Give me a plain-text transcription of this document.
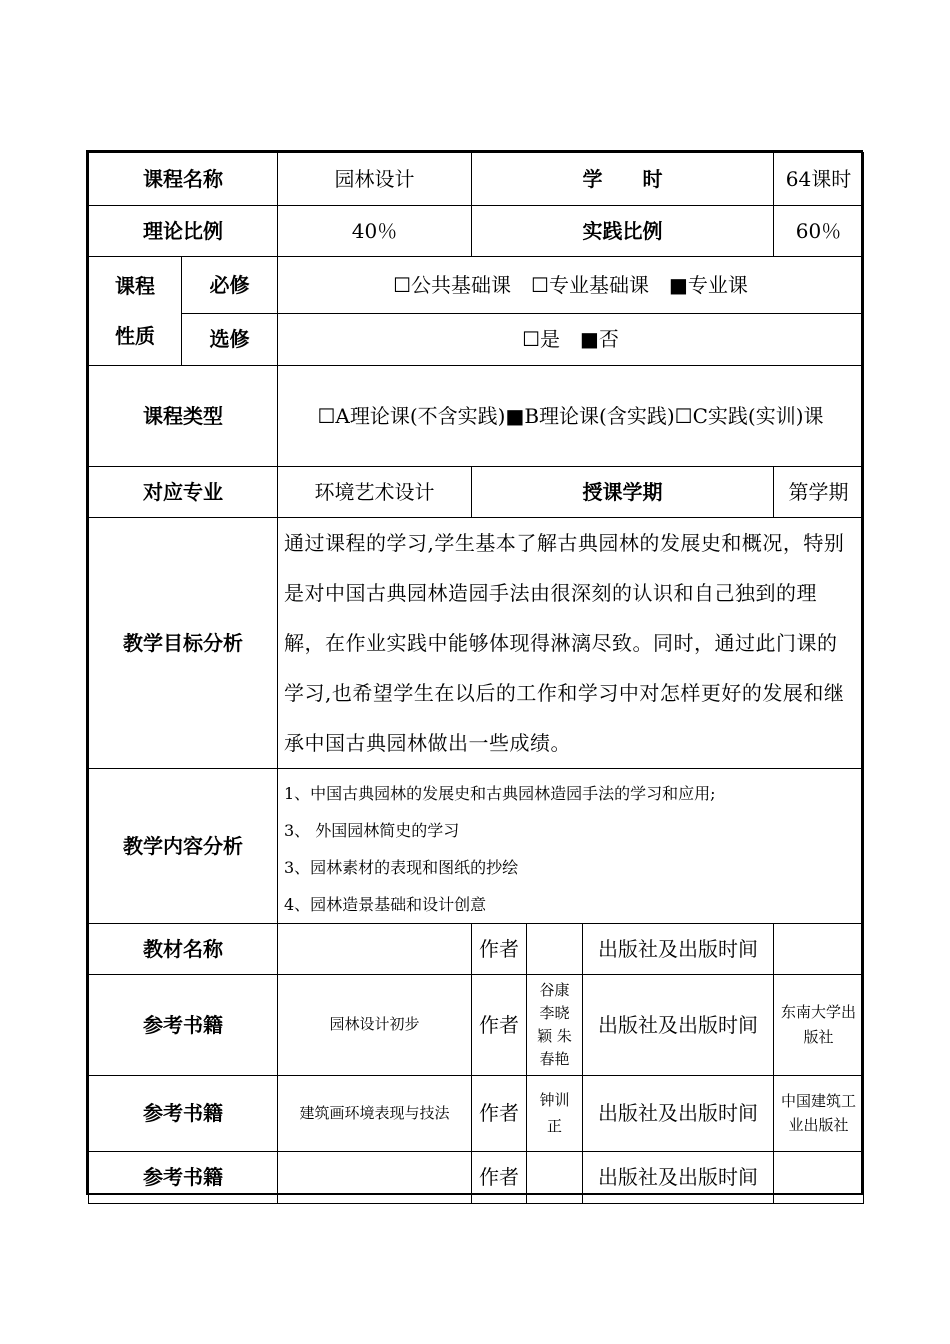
课程名称		园林设计	学　　时			64课时
理论比例		40％	实践比例			60％

课程
性质	必修	☐公共基础课　☐专业基础课　■专业课				
	选修	☐是　■否				
课程类型		☐A理论课(不含实践)■B理论课(含实践)☐C实践(实训)课				
对应专业		环境艺术设计	授课学期			第学期
教学目标分析		通过课程的学习,学生基本了解古典园林的发展史和概况，特别是对中国古典园林造园手法由很深刻的认识和自己独到的理解，在作业实践中能够体现得淋漓尽致。同时，通过此门课的学习,也希望学生在以后的工作和学习中对怎样更好的发展和继承中国古典园林做出一些成绩。				
教学内容分析		1、中国古典园林的发展史和古典园林造园手法的学习和应用;
3、 外国园林简史的学习
3、园林素材的表现和图纸的抄绘
4、园林造景基础和设计创意				

教材名称			作者		出版社及出版时间	
参考书籍		园林设计初步	作者	谷康李晓颖 朱春艳	出版社及出版时间	东南大学出版社
参考书籍		建筑画环境表现与技法	作者	钟训正	出版社及出版时间	中国建筑工业出版社
参考书籍			作者		出版社及出版时间	
